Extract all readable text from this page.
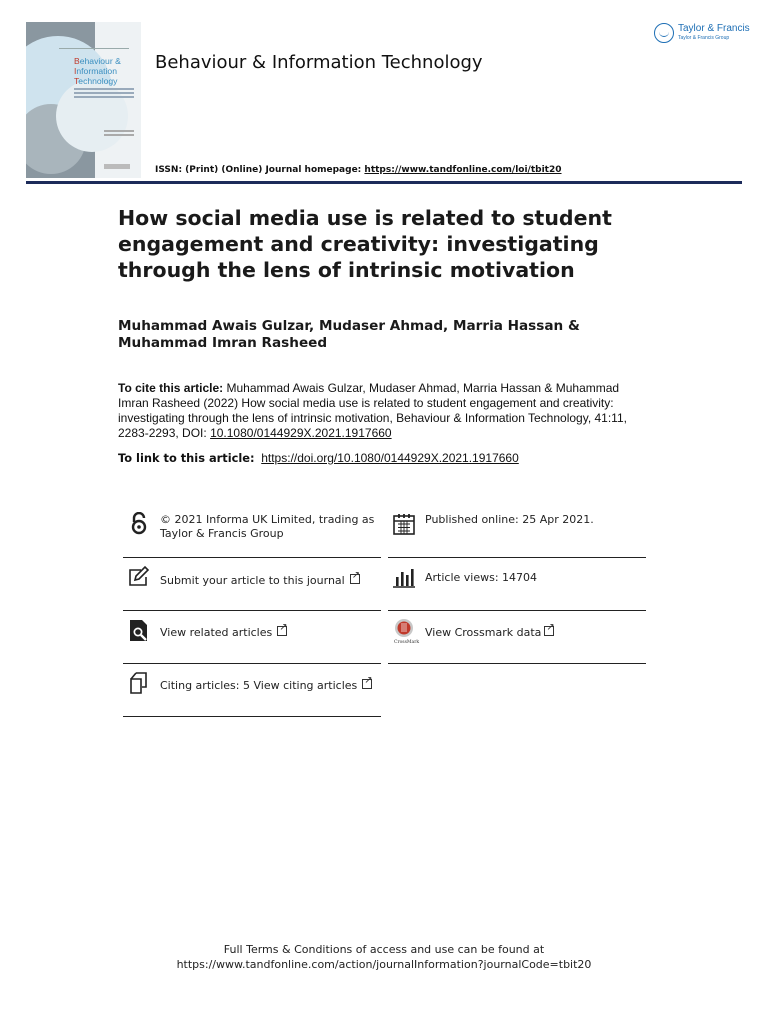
Behaviour &
Information
Technology
Behaviour & Information Technology
ISSN: (Print) (Online) Journal homepage: https://www.tandfonline.com/loi/tbit20
Taylor & Francis
Taylor & Francis Group
How social media use is related to student engagement and creativity: investigating through the lens of intrinsic motivation
Muhammad Awais Gulzar, Mudaser Ahmad, Marria Hassan & Muhammad Imran Rasheed
To cite this article: Muhammad Awais Gulzar, Mudaser Ahmad, Marria Hassan & Muhammad Imran Rasheed (2022) How social media use is related to student engagement and creativity: investigating through the lens of intrinsic motivation, Behaviour & Information Technology, 41:11, 2283-2293, DOI: 10.1080/0144929X.2021.1917660
To link to this article: https://doi.org/10.1080/0144929X.2021.1917660
© 2021 Informa UK Limited, trading as Taylor & Francis Group
Published online: 25 Apr 2021.
Submit your article to this journal↗	Article views: 14704
View related articles↗
CrossMark
View Crossmark data↗
Citing articles: 5 View citing articles↗
Full Terms & Conditions of access and use can be found at
https://www.tandfonline.com/action/journalInformation?journalCode=tbit20
